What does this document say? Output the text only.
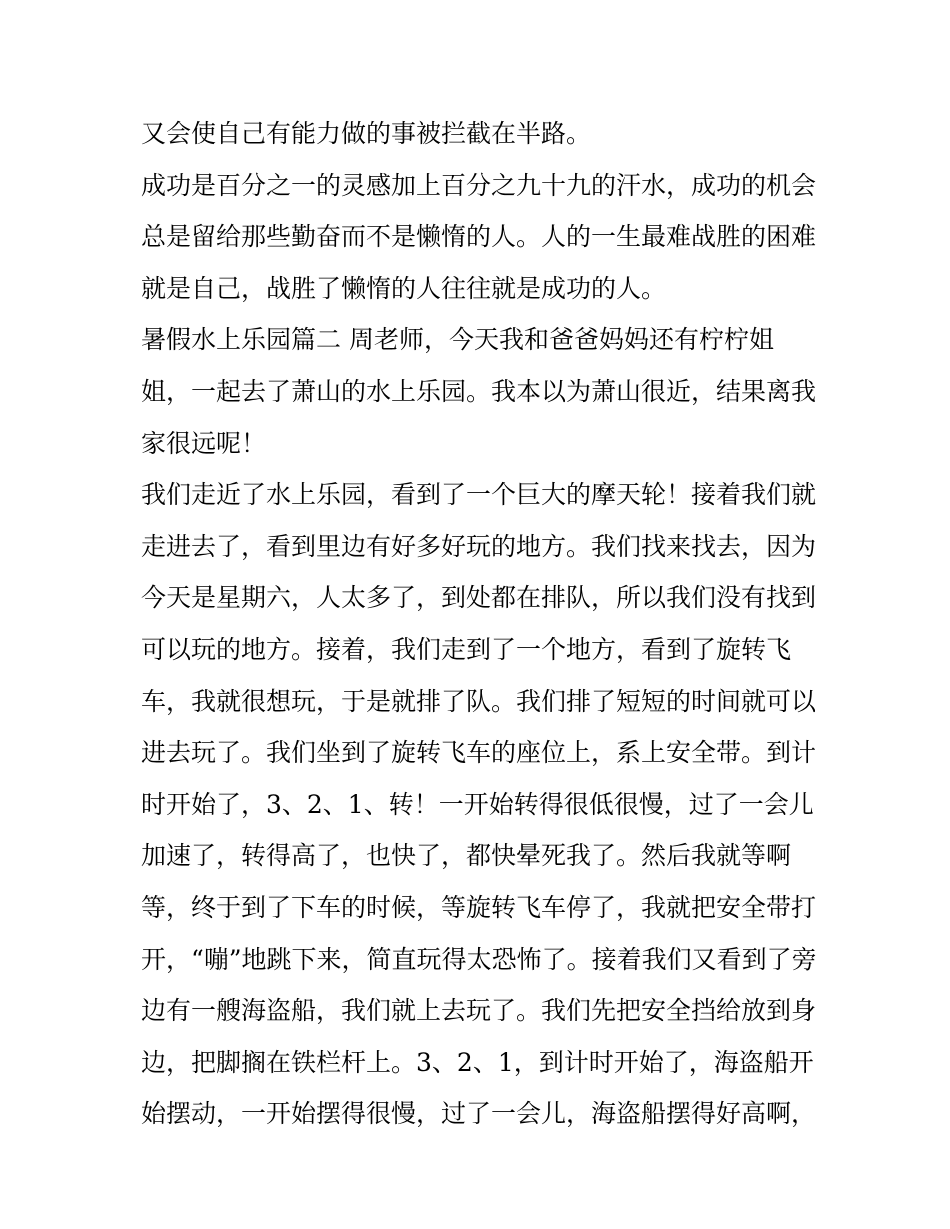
又会使自己有能力做的事被拦截在半路。
成功是百分之一的灵感加上百分之九十九的汗水，成功的机会
总是留给那些勤奋而不是懒惰的人。人的一生最难战胜的困难
就是自己，战胜了懒惰的人往往就是成功的人。
暑假水上乐园篇二 周老师，今天我和爸爸妈妈还有柠柠姐
姐，一起去了萧山的水上乐园。我本以为萧山很近，结果离我
家很远呢！
我们走近了水上乐园，看到了一个巨大的摩天轮！接着我们就
走进去了，看到里边有好多好玩的地方。我们找来找去，因为
今天是星期六，人太多了，到处都在排队，所以我们没有找到
可以玩的地方。接着，我们走到了一个地方，看到了旋转飞
车，我就很想玩，于是就排了队。我们排了短短的时间就可以
进去玩了。我们坐到了旋转飞车的座位上，系上安全带。到计
时开始了，3、2、1、转！一开始转得很低很慢，过了一会儿
加速了，转得高了，也快了，都快晕死我了。然后我就等啊
等，终于到了下车的时候，等旋转飞车停了，我就把安全带打
开，“嘣”地跳下来，简直玩得太恐怖了。接着我们又看到了旁
边有一艘海盗船，我们就上去玩了。我们先把安全挡给放到身
边，把脚搁在铁栏杆上。3、2、1，到计时开始了，海盗船开
始摆动，一开始摆得很慢，过了一会儿，海盗船摆得好高啊，
